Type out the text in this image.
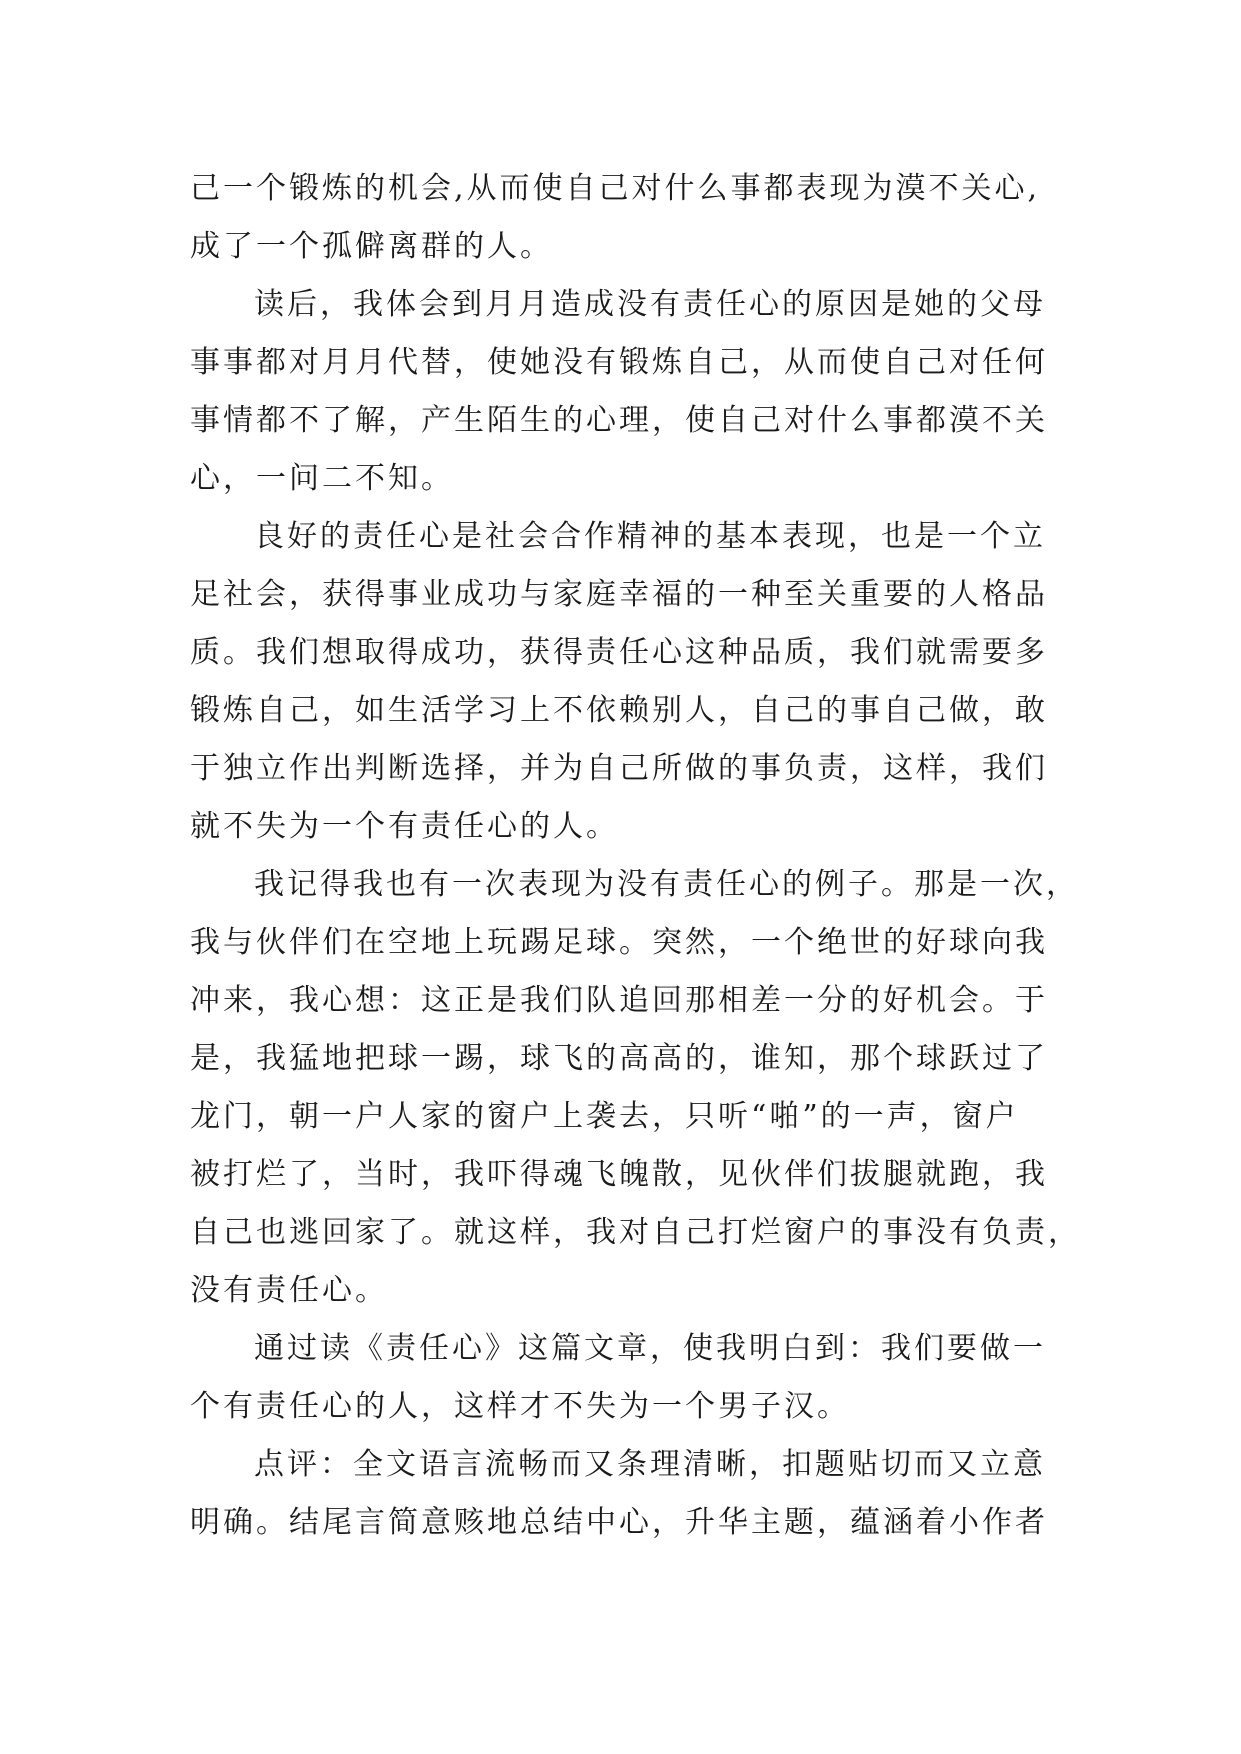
己一个锻炼的机会,从而使自己对什么事都表现为漠不关心,
成了一个孤僻离群的人。
读后，我体会到月月造成没有责任心的原因是她的父母
事事都对月月代替，使她没有锻炼自己，从而使自己对任何
事情都不了解，产生陌生的心理，使自己对什么事都漠不关
心，一问二不知。
良好的责任心是社会合作精神的基本表现，也是一个立
足社会，获得事业成功与家庭幸福的一种至关重要的人格品
质。我们想取得成功，获得责任心这种品质，我们就需要多
锻炼自己，如生活学习上不依赖别人，自己的事自己做，敢
于独立作出判断选择，并为自己所做的事负责，这样，我们
就不失为一个有责任心的人。
我记得我也有一次表现为没有责任心的例子。那是一次，
我与伙伴们在空地上玩踢足球。突然，一个绝世的好球向我
冲来，我心想：这正是我们队追回那相差一分的好机会。于
是，我猛地把球一踢，球飞的高高的，谁知，那个球跃过了
龙门，朝一户人家的窗户上袭去，只听“啪”的一声，窗户
被打烂了，当时，我吓得魂飞魄散，见伙伴们拔腿就跑，我
自己也逃回家了。就这样，我对自己打烂窗户的事没有负责，
没有责任心。
通过读《责任心》这篇文章，使我明白到：我们要做一
个有责任心的人，这样才不失为一个男子汉。
点评：全文语言流畅而又条理清晰，扣题贴切而又立意
明确。结尾言简意赅地总结中心，升华主题，蕴涵着小作者
